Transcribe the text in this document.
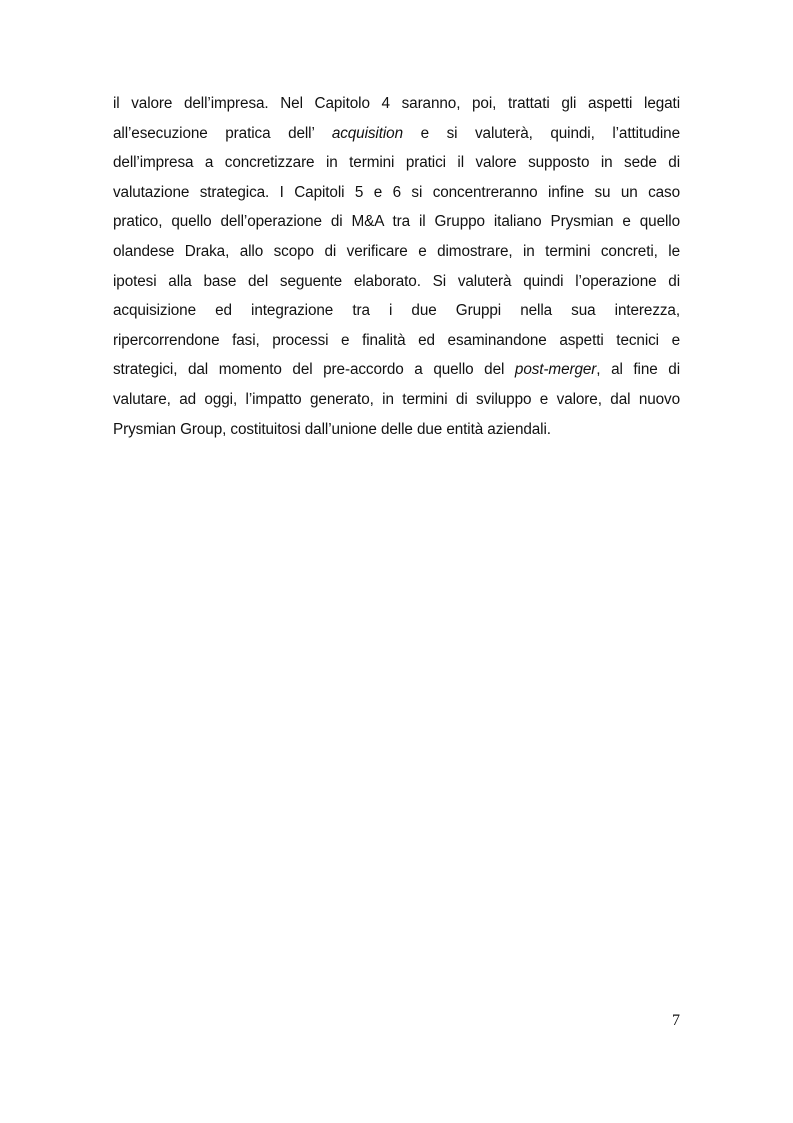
il valore dell’impresa. Nel Capitolo 4 saranno, poi, trattati gli aspetti legati
all’esecuzione pratica dell’ acquisition e si valuterà, quindi, l’attitudine
dell’impresa a concretizzare in termini pratici il valore supposto in sede di
valutazione strategica. I Capitoli 5 e 6 si concentreranno infine su un caso
pratico, quello dell’operazione di M&A tra il Gruppo italiano Prysmian e quello
olandese Draka, allo scopo di verificare e dimostrare, in termini concreti, le
ipotesi alla base del seguente elaborato. Si valuterà quindi l’operazione di
acquisizione ed integrazione tra i due Gruppi nella sua interezza,
ripercorrendone fasi, processi e finalità ed esaminandone aspetti tecnici e
strategici, dal momento del pre-accordo a quello del post-merger, al fine di
valutare, ad oggi, l’impatto generato, in termini di sviluppo e valore, dal nuovo
Prysmian Group, costituitosi dall’unione delle due entità aziendali.
7
